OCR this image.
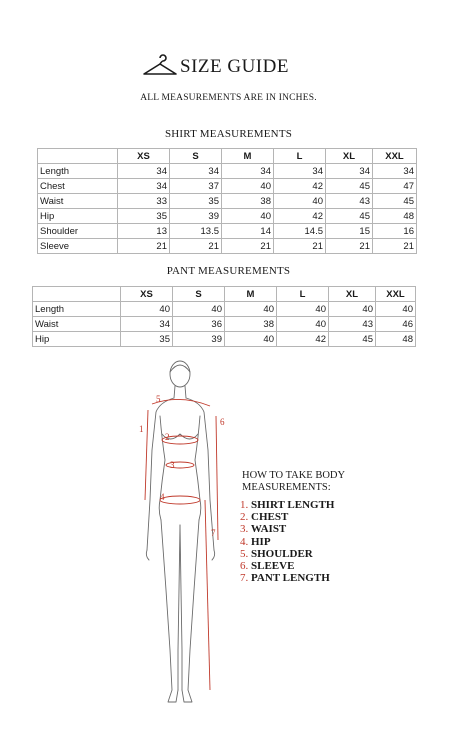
SIZE GUIDE
ALL MEASUREMENTS ARE IN INCHES.
SHIRT MEASUREMENTS
	XS	S	M	L	XL	XXL
Length	34	34	34	34	34	34
Chest	34	37	40	42	45	47
Waist	33	35	38	40	43	45
Hip	35	39	40	42	45	48
Shoulder	13	13.5	14	14.5	15	16
Sleeve	21	21	21	21	21	21
PANT MEASUREMENTS
	XS	S	M	L	XL	XXL
Length	40	40	40	40	40	40
Waist	34	36	38	40	43	46
Hip	35	39	40	42	45	48
1
2
3
4
5
6
7
HOW TO TAKE BODY
MEASUREMENTS:
1. SHIRT LENGTH
2. CHEST
3. WAIST
4. HIP
5. SHOULDER
6. SLEEVE
7. PANT LENGTH
